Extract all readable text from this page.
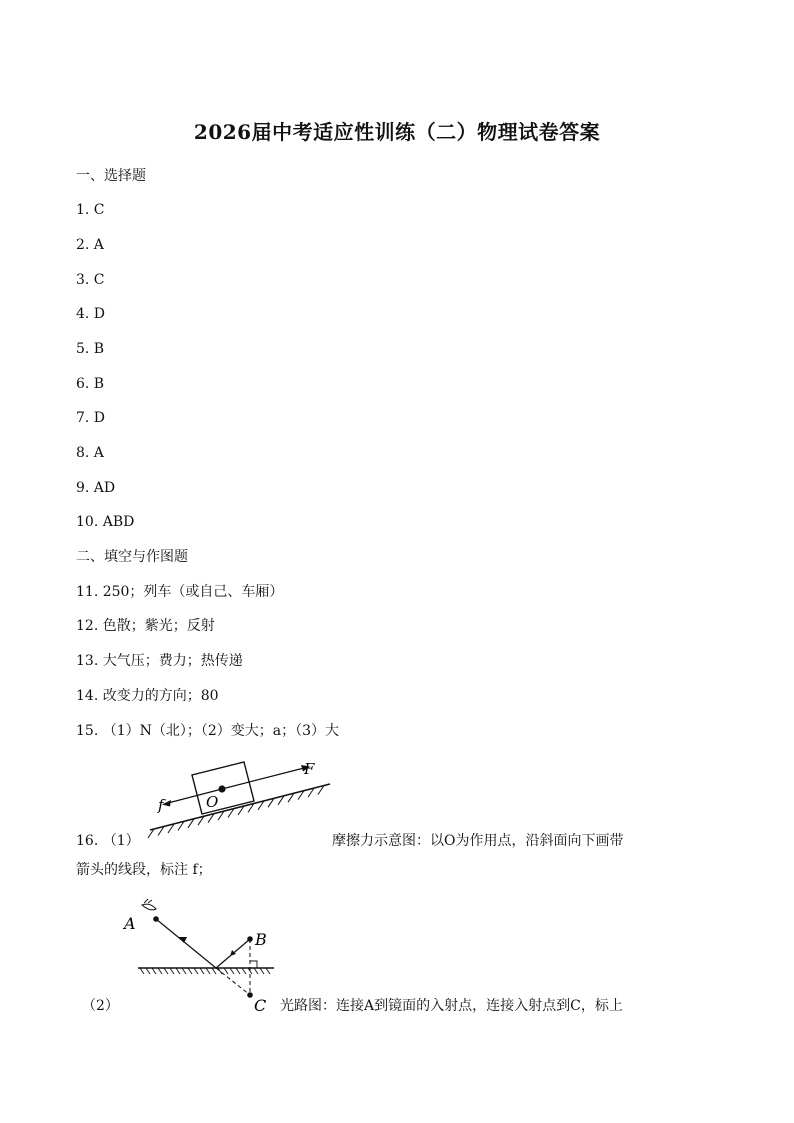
2026届中考适应性训练（二）物理试卷答案
一、选择题
1. C
2. A
3. C
4. D
5. B
6. B
7. D
8. A
9. AD
10. ABD
二、填空与作图题
11. 250；列车（或自己、车厢）
12. 色散；紫光；反射
13. 大气压；费力；热传递
14. 改变力的方向；80
15. （1）N（北）；（2）变大；a；（3）大
F
f	O
16. （1）	摩擦力示意图：以O为作用点，沿斜面向下画带
箭头的线段，标注 f；
A
B
C
（2）	光路图：连接A到镜面的入射点，连接入射点到C，标上
